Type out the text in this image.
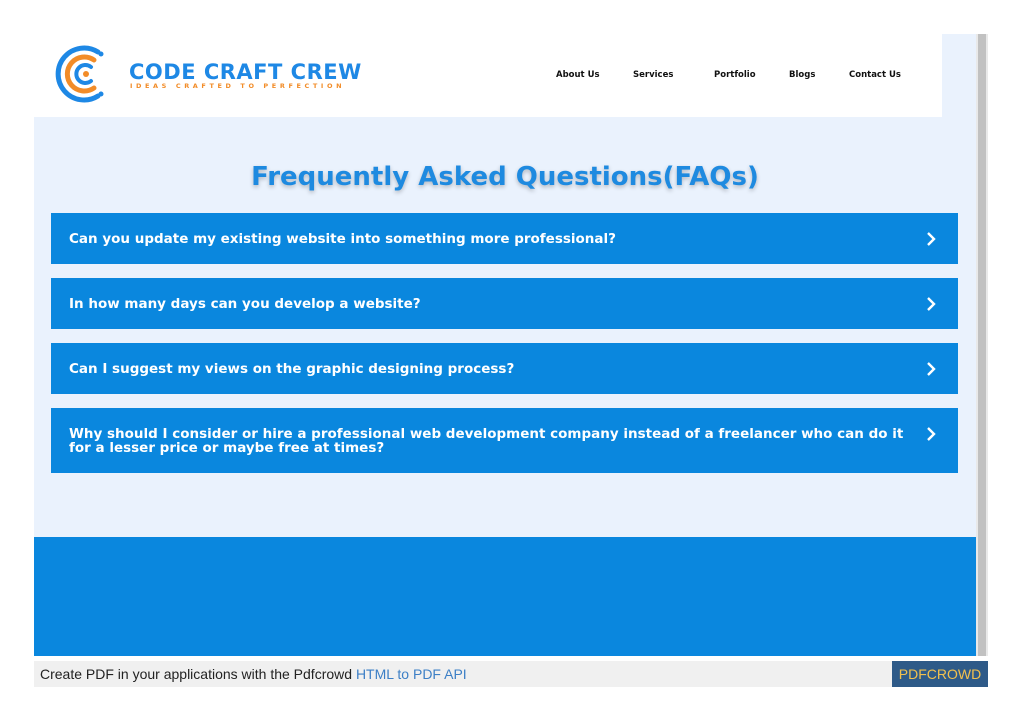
CODE CRAFT CREW
IDEAS CRAFTED TO PERFECTION
About Us	Services	Portfolio	Blogs	Contact Us
Frequently Asked Questions(FAQs)
Can you update my existing website into something more professional?
In how many days can you develop a website?
Can I suggest my views on the graphic designing process?
Why should I consider or hire a professional web development company instead of a freelancer who can do it for a lesser price or maybe free at times?
Create PDF in your applications with the Pdfcrowd HTML to PDF API	PDFCROWD
